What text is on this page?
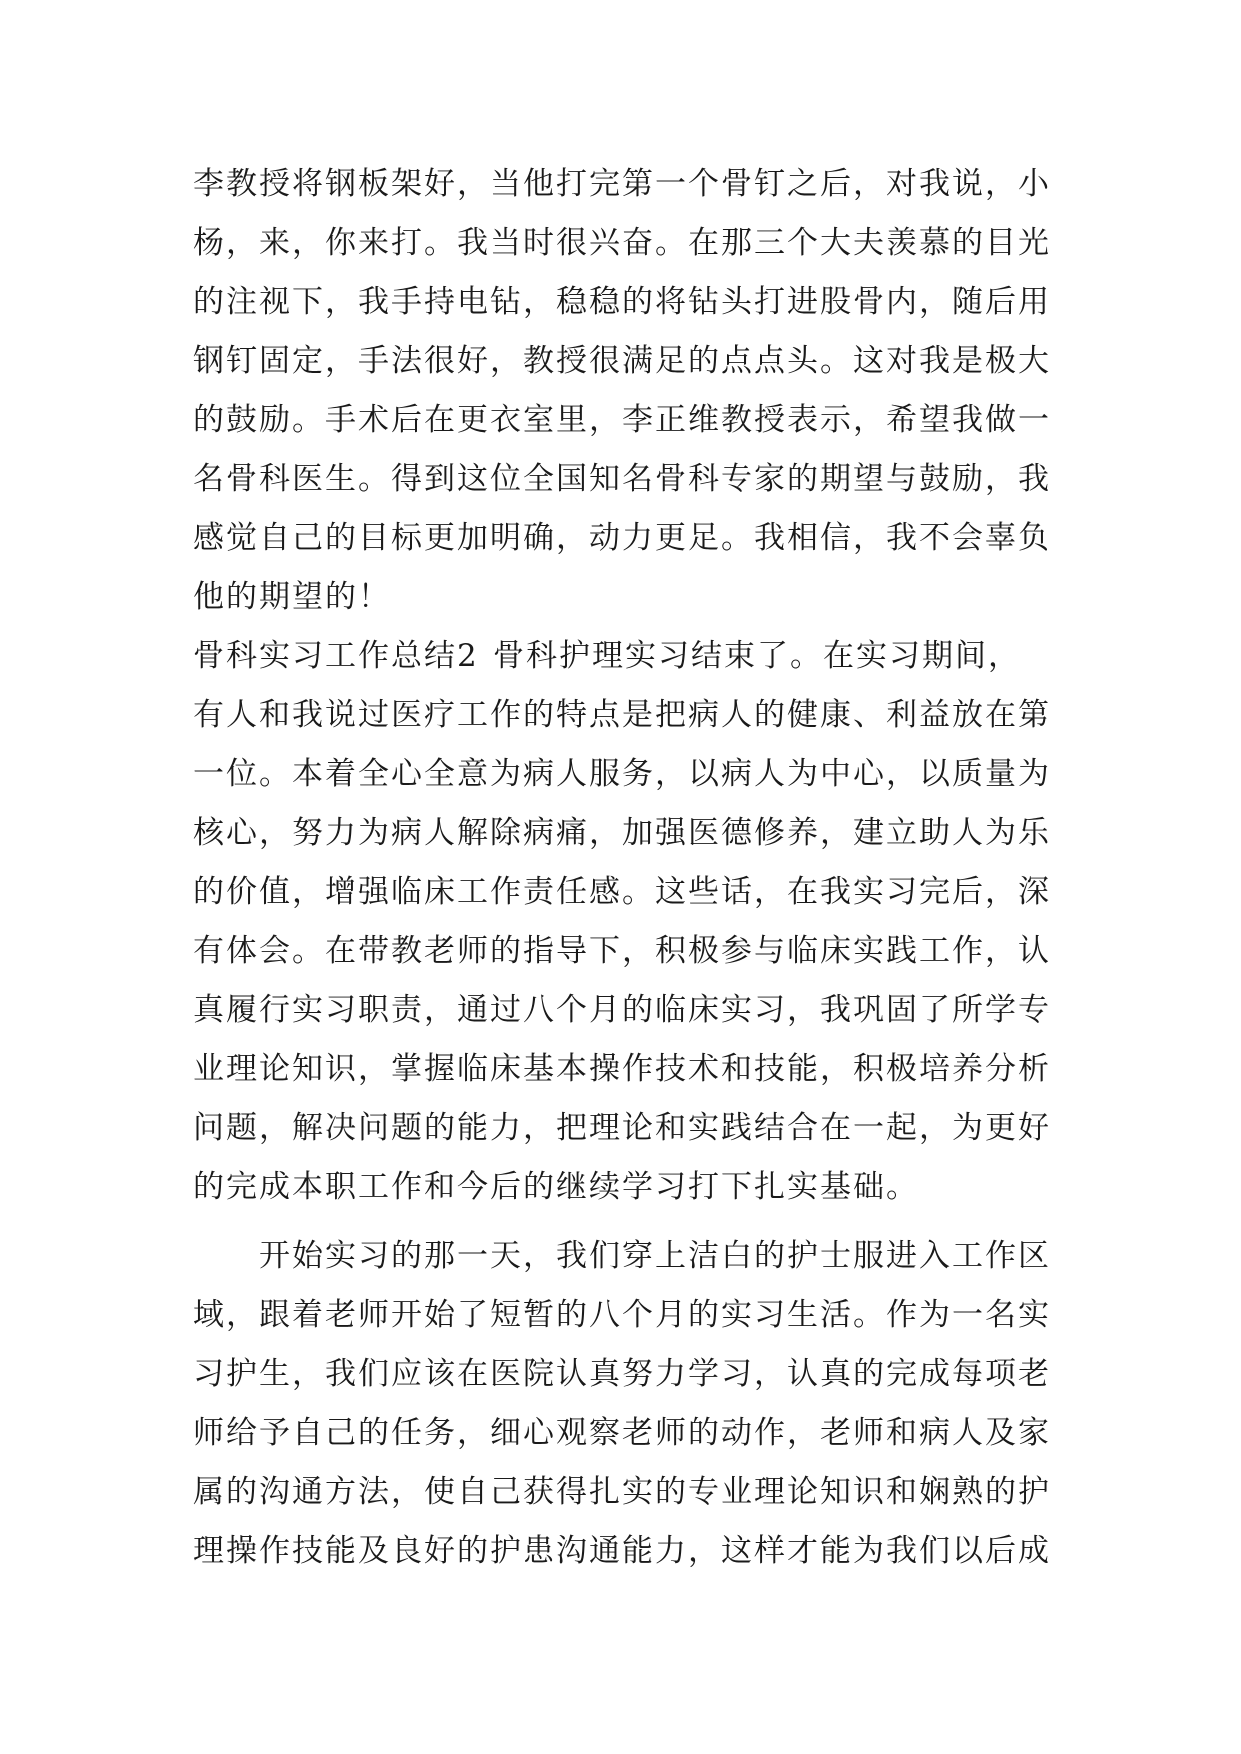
李教授将钢板架好，当他打完第一个骨钉之后，对我说，小
杨，来，你来打。我当时很兴奋。在那三个大夫羡慕的目光
的注视下，我手持电钻，稳稳的将钻头打进股骨内，随后用
钢钉固定，手法很好，教授很满足的点点头。这对我是极大
的鼓励。手术后在更衣室里，李正维教授表示，希望我做一
名骨科医生。得到这位全国知名骨科专家的期望与鼓励，我
感觉自己的目标更加明确，动力更足。我相信，我不会辜负
他的期望的！
骨科实习工作总结2 骨科护理实习结束了。在实习期间，
有人和我说过医疗工作的特点是把病人的健康、利益放在第
一位。本着全心全意为病人服务，以病人为中心，以质量为
核心，努力为病人解除病痛，加强医德修养，建立助人为乐
的价值，增强临床工作责任感。这些话，在我实习完后，深
有体会。在带教老师的指导下，积极参与临床实践工作，认
真履行实习职责，通过八个月的临床实习，我巩固了所学专
业理论知识，掌握临床基本操作技术和技能，积极培养分析
问题，解决问题的能力，把理论和实践结合在一起，为更好
的完成本职工作和今后的继续学习打下扎实基础。
开始实习的那一天，我们穿上洁白的护士服进入工作区
域，跟着老师开始了短暂的八个月的实习生活。作为一名实
习护生，我们应该在医院认真努力学习，认真的完成每项老
师给予自己的任务，细心观察老师的动作，老师和病人及家
属的沟通方法，使自己获得扎实的专业理论知识和娴熟的护
理操作技能及良好的护患沟通能力，这样才能为我们以后成
